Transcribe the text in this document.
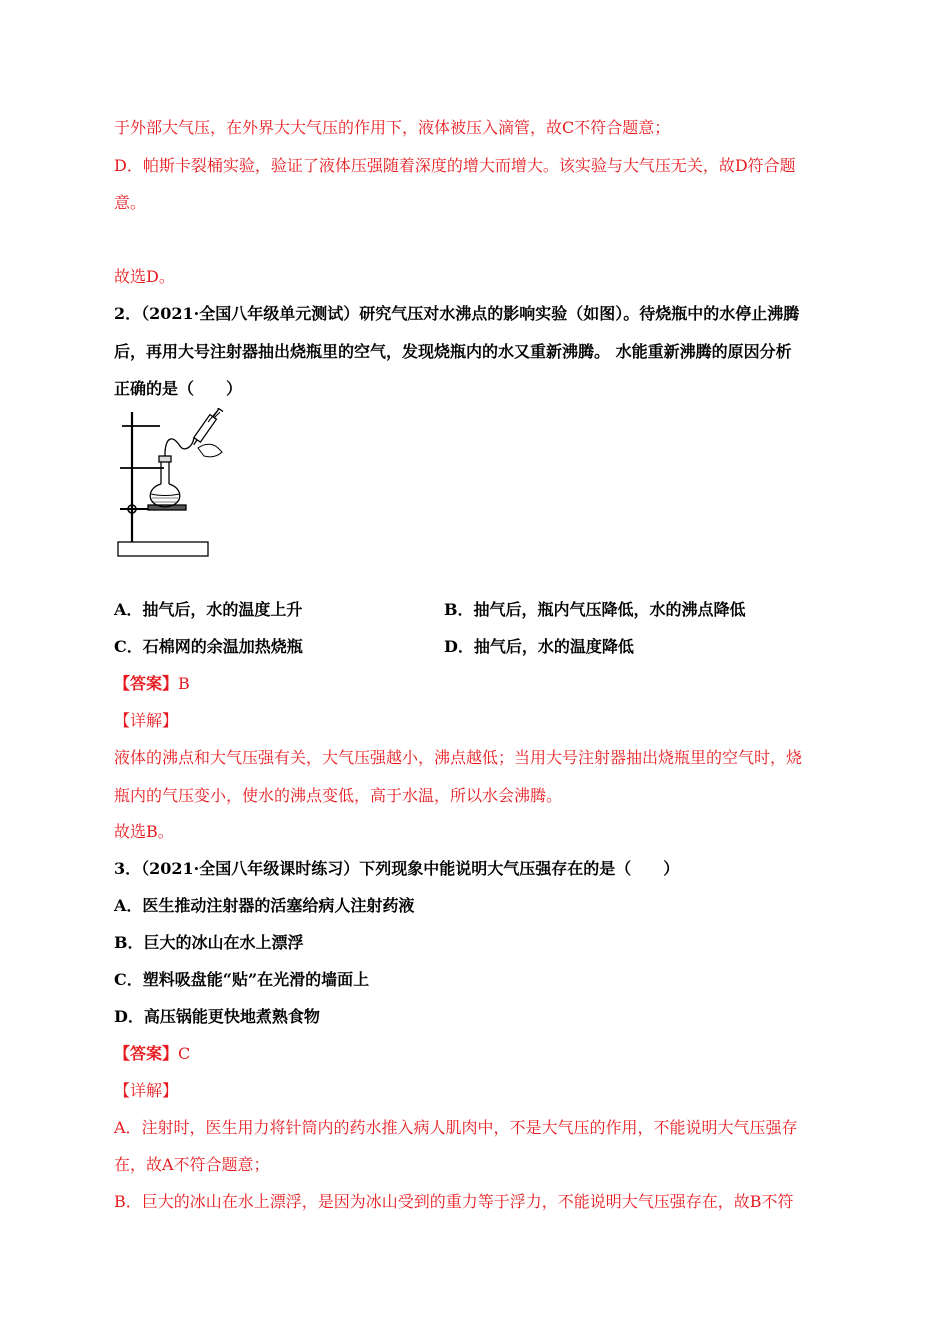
于外部大气压，在外界大大气压的作用下，液体被压入滴管，故C不符合题意；
D．帕斯卡裂桶实验，验证了液体压强随着深度的增大而增大。该实验与大气压无关，故D符合题
意。
故选D。
2．（2021·全国八年级单元测试）研究气压对水沸点的影响实验（如图）。待烧瓶中的水停止沸腾
后，再用大号注射器抽出烧瓶里的空气，发现烧瓶内的水又重新沸腾。 水能重新沸腾的原因分析
正确的是（　　）
A．抽气后，水的温度上升	B．抽气后，瓶内气压降低，水的沸点降低
C．石棉网的余温加热烧瓶	D．抽气后，水的温度降低
【答案】B
【详解】
液体的沸点和大气压强有关，大气压强越小，沸点越低；当用大号注射器抽出烧瓶里的空气时，烧
瓶内的气压变小，使水的沸点变低，高于水温，所以水会沸腾。
故选B。
3．（2021·全国八年级课时练习）下列现象中能说明大气压强存在的是（　　）
A．医生推动注射器的活塞给病人注射药液
B．巨大的冰山在水上漂浮
C．塑料吸盘能“贴”在光滑的墙面上
D．高压锅能更快地煮熟食物
【答案】C
【详解】
A．注射时，医生用力将针筒内的药水推入病人肌肉中，不是大气压的作用，不能说明大气压强存
在，故A不符合题意；
B．巨大的冰山在水上漂浮，是因为冰山受到的重力等于浮力，不能说明大气压强存在，故B不符
